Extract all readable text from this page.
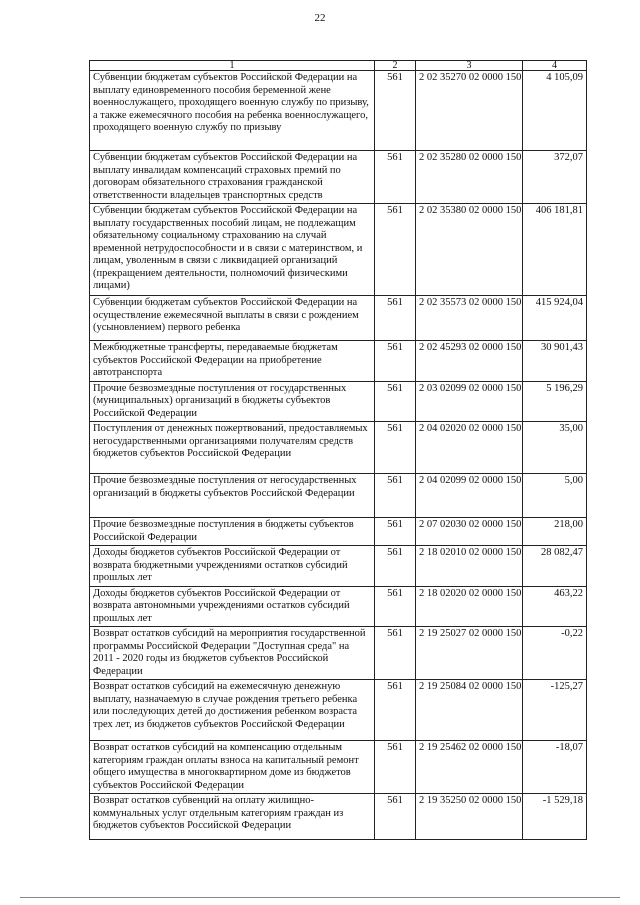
22
1	2	3	4
Субвенции бюджетам субъектов Российской Федерации на выплату единовременного пособия беременной жене военнослужащего, проходящего военную службу по призыву, а также ежемесячного пособия на ребенка военнослужащего, проходящего военную службу по призыву	561	2 02 35270 02 0000 150	4 105,09
Субвенции бюджетам субъектов Российской Федерации на выплату инвалидам компенсаций страховых премий по договорам обязательного страхования гражданской ответственности владельцев транспортных средств	561	2 02 35280 02 0000 150	372,07
Субвенции бюджетам субъектов Российской Федерации на выплату государственных пособий лицам, не подлежащим обязательному социальному страхованию на случай временной нетрудоспособности и в связи с материнством, и лицам, уволенным в связи с ликвидацией организаций (прекращением деятельности, полномочий физическими лицами)	561	2 02 35380 02 0000 150	406 181,81
Субвенции бюджетам субъектов Российской Федерации на осуществление ежемесячной выплаты в связи с рождением (усыновлением) первого ребенка	561	2 02 35573 02 0000 150	415 924,04
Межбюджетные трансферты, передаваемые бюджетам субъектов Российской Федерации на приобретение автотранспорта	561	2 02 45293 02 0000 150	30 901,43
Прочие безвозмездные поступления от государственных (муниципальных) организаций в бюджеты субъектов Российской Федерации	561	2 03 02099 02 0000 150	5 196,29
Поступления от денежных пожертвований, предоставляемых негосударственными организациями получателям средств бюджетов субъектов Российской Федерации	561	2 04 02020 02 0000 150	35,00
Прочие безвозмездные поступления от негосударственных организаций в бюджеты субъектов Российской Федерации	561	2 04 02099 02 0000 150	5,00
Прочие безвозмездные поступления в бюджеты субъектов Российской Федерации	561	2 07 02030 02 0000 150	218,00
Доходы бюджетов субъектов Российской Федерации от возврата бюджетными учреждениями остатков субсидий прошлых лет	561	2 18 02010 02 0000 150	28 082,47
Доходы бюджетов субъектов Российской Федерации от возврата автономными учреждениями остатков субсидий прошлых лет	561	2 18 02020 02 0000 150	463,22
Возврат остатков субсидий на мероприятия государственной программы Российской Федерации "Доступная среда" на 2011 - 2020 годы из бюджетов субъектов Российской Федерации	561	2 19 25027 02 0000 150	-0,22
Возврат остатков субсидий на ежемесячную денежную выплату, назначаемую в случае рождения третьего ребенка или последующих детей до достижения ребенком возраста трех лет, из бюджетов субъектов Российской Федерации	561	2 19 25084 02 0000 150	-125,27
Возврат остатков субсидий на компенсацию отдельным категориям граждан оплаты взноса на капитальный ремонт общего имущества в многоквартирном доме из бюджетов субъектов Российской Федерации	561	2 19 25462 02 0000 150	-18,07
Возврат остатков субвенций на оплату жилищно-коммунальных услуг отдельным категориям граждан из бюджетов субъектов Российской Федерации	561	2 19 35250 02 0000 150	-1 529,18
